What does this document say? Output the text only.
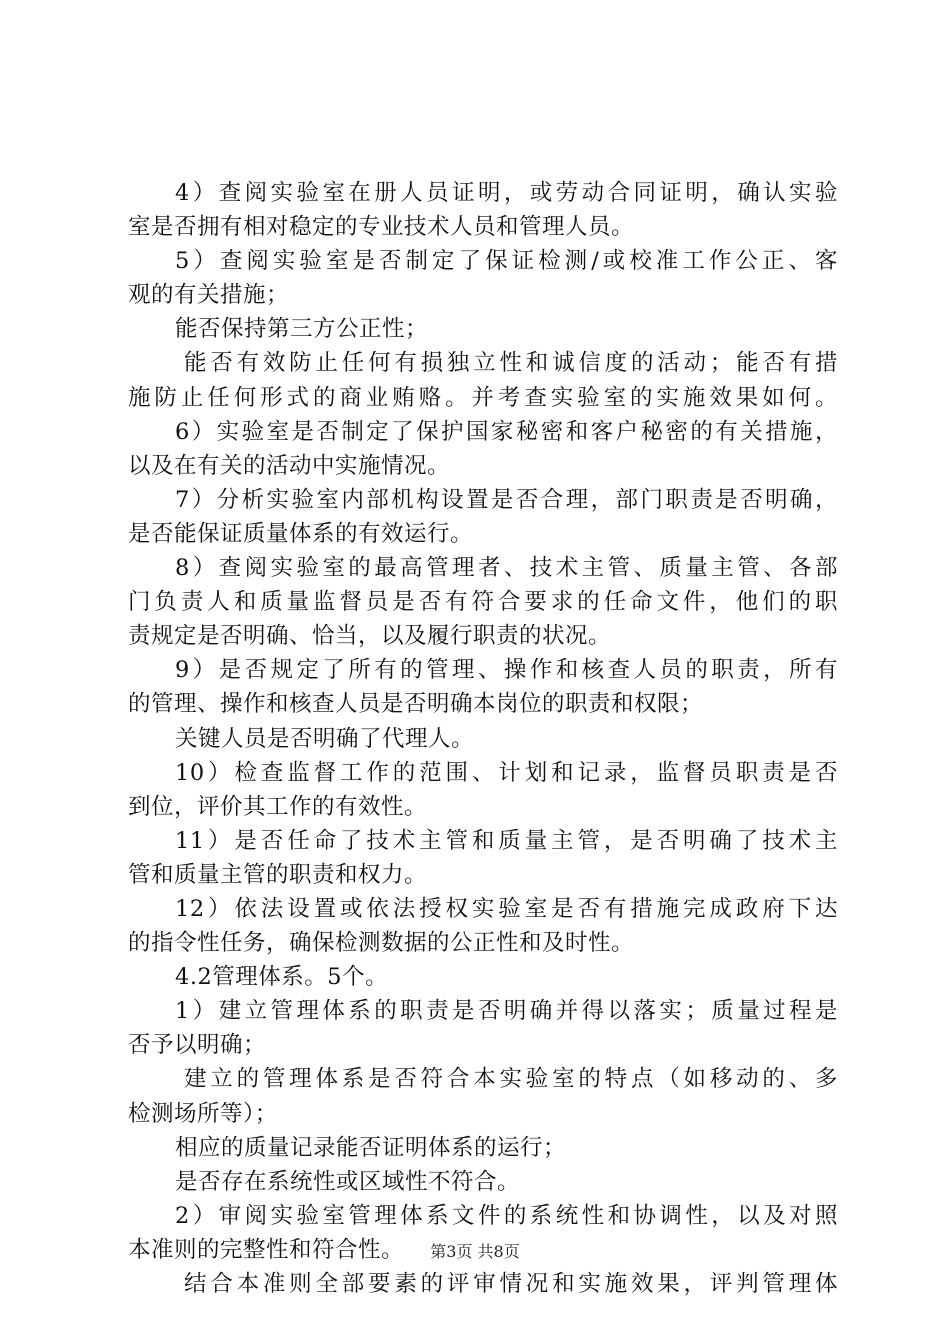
4）查阅实验室在册人员证明，或劳动合同证明，确认实验
室是否拥有相对稳定的专业技术人员和管理人员。
5）查阅实验室是否制定了保证检测/或校准工作公正、客
观的有关措施；
能否保持第三方公正性；
能否有效防止任何有损独立性和诚信度的活动；能否有措
施防止任何形式的商业贿赂。并考查实验室的实施效果如何。
6）实验室是否制定了保护国家秘密和客户秘密的有关措施，
以及在有关的活动中实施情况。
7）分析实验室内部机构设置是否合理，部门职责是否明确，
是否能保证质量体系的有效运行。
8）查阅实验室的最高管理者、技术主管、质量主管、各部
门负责人和质量监督员是否有符合要求的任命文件，他们的职
责规定是否明确、恰当，以及履行职责的状况。
9）是否规定了所有的管理、操作和核查人员的职责，所有
的管理、操作和核查人员是否明确本岗位的职责和权限；
关键人员是否明确了代理人。
10）检查监督工作的范围、计划和记录，监督员职责是否
到位，评价其工作的有效性。
11）是否任命了技术主管和质量主管，是否明确了技术主
管和质量主管的职责和权力。
12）依法设置或依法授权实验室是否有措施完成政府下达
的指令性任务，确保检测数据的公正性和及时性。
4.2管理体系。5个。
1）建立管理体系的职责是否明确并得以落实；质量过程是
否予以明确；
建立的管理体系是否符合本实验室的特点（如移动的、多
检测场所等）；
相应的质量记录能否证明体系的运行；
是否存在系统性或区域性不符合。
2）审阅实验室管理体系文件的系统性和协调性，以及对照
本准则的完整性和符合性。
结合本准则全部要素的评审情况和实施效果，评判管理体
第3页 共8页
